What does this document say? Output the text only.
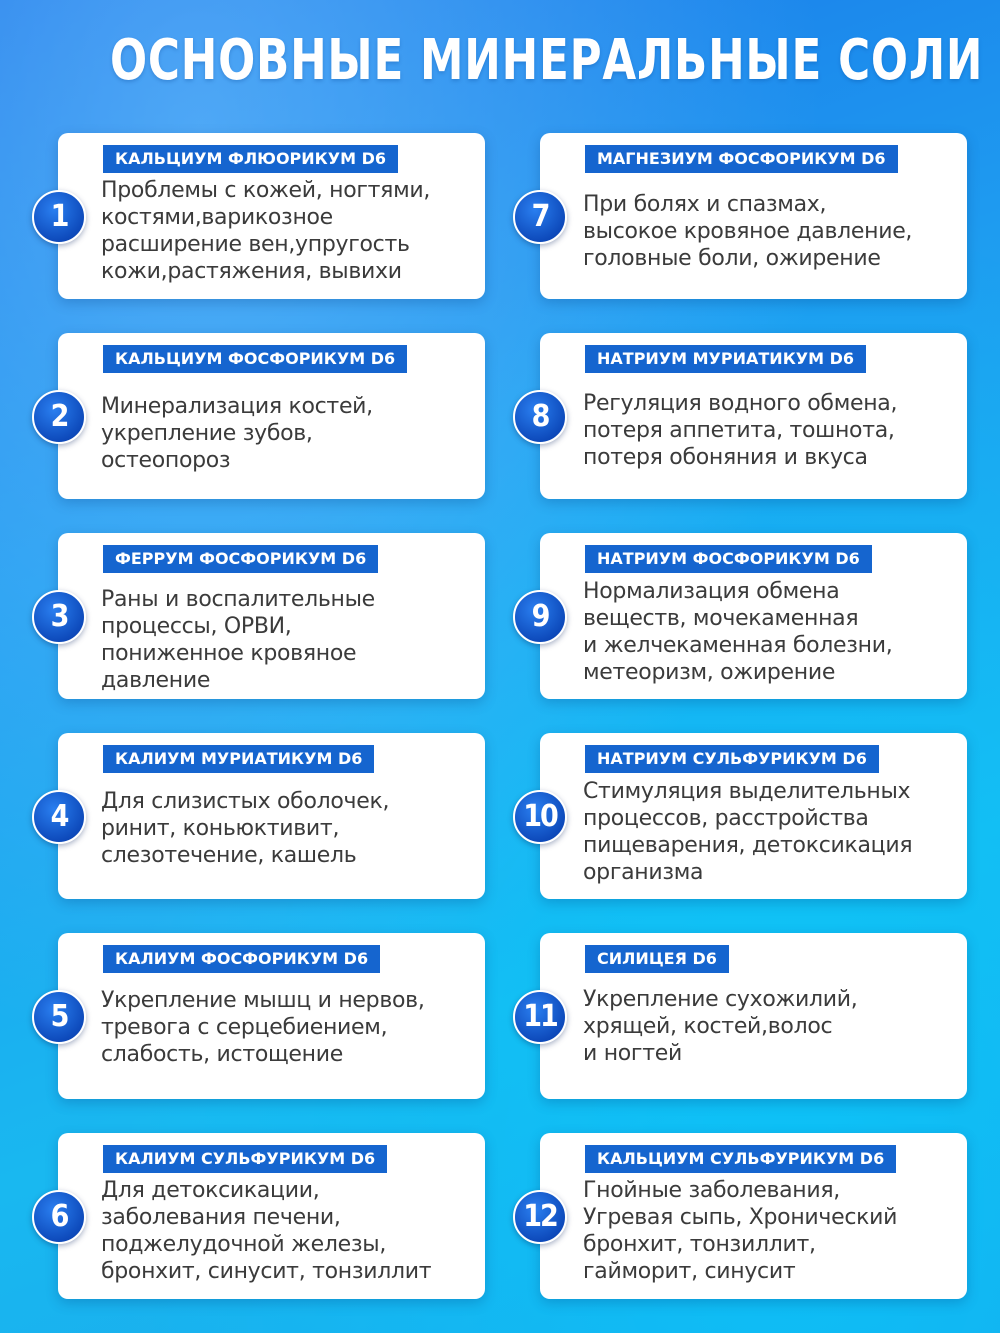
ОСНОВНЫЕ МИНЕРАЛЬНЫЕ СОЛИ
КАЛЬЦИУМ ФЛЮОРИКУМ D6
Проблемы с кожей, ногтями,
костями,варикозное
расширение вен,упругость
кожи,растяжения, вывихи
1
КАЛЬЦИУМ ФОСФОРИКУМ D6
Минерализация костей,
укрепление зубов,
остеопороз
2
ФЕРРУМ ФОСФОРИКУМ D6
Раны и воспалительные
процессы, ОРВИ,
пониженное кровяное
давление
3
КАЛИУМ МУРИАТИКУМ D6
Для слизистых оболочек,
ринит, коньюктивит,
слезотечение, кашель
4
КАЛИУМ ФОСФОРИКУМ D6
Укрепление мышц и нервов,
тревога с серцебиением,
слабость, истощение
5
КАЛИУМ СУЛЬФУРИКУМ D6
Для детоксикации,
заболевания печени,
поджелудочной железы,
бронхит, синусит, тонзиллит
6
МАГНЕЗИУМ ФОСФОРИКУМ D6
При болях и спазмах,
высокое кровяное давление,
головные боли, ожирение
7
НАТРИУМ МУРИАТИКУМ D6
Регуляция водного обмена,
потеря аппетита, тошнота,
потеря обоняния и вкуса
8
НАТРИУМ ФОСФОРИКУМ D6
Нормализация обмена
веществ, мочекаменная
и желчекаменная болезни,
метеоризм, ожирение
9
НАТРИУМ СУЛЬФУРИКУМ D6
Стимуляция выделительных
процессов, расстройства
пищеварения, детоксикация
организма
10
СИЛИЦЕЯ D6
Укрепление сухожилий,
хрящей, костей,волос
и ногтей
11
КАЛЬЦИУМ СУЛЬФУРИКУМ D6
Гнойные заболевания,
Угревая сыпь, Хронический
бронхит, тонзиллит,
гайморит, синусит
12
